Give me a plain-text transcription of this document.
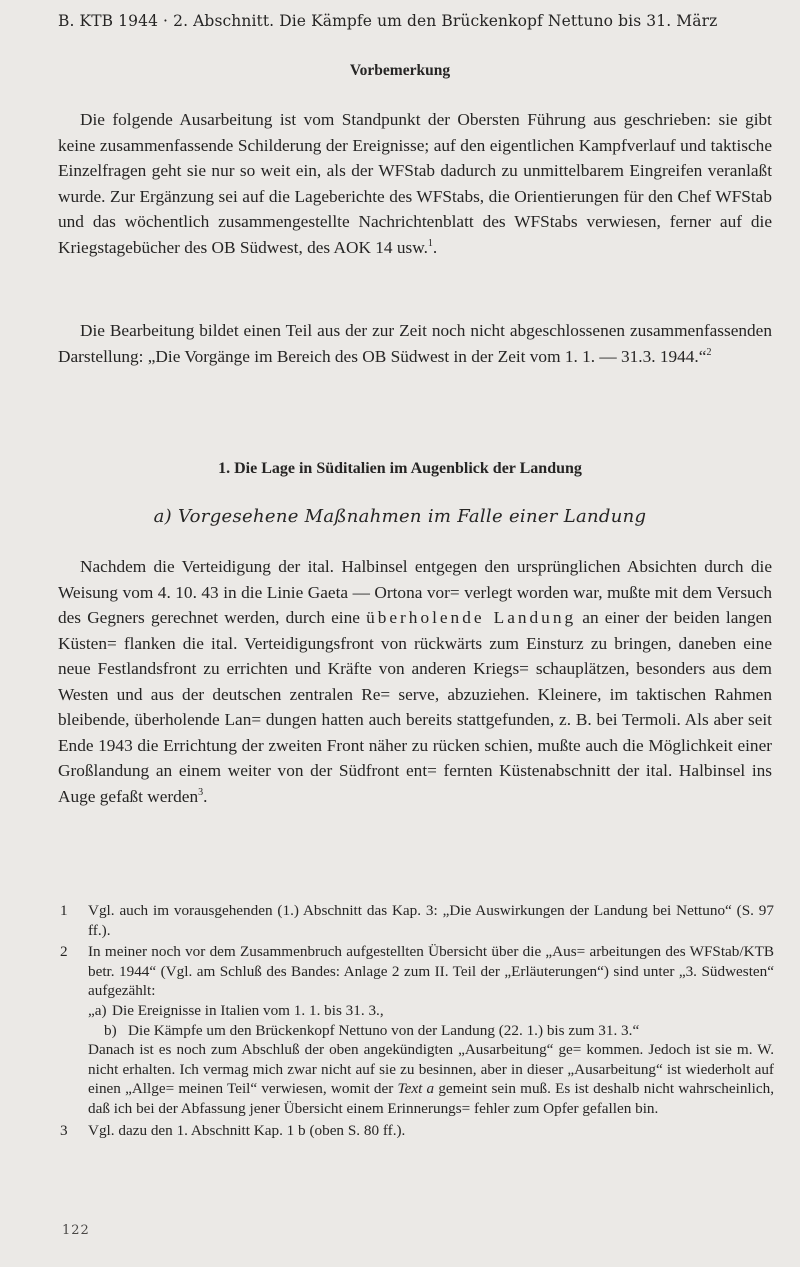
B. KTB 1944 · 2. Abschnitt. Die Kämpfe um den Brückenkopf Nettuno bis 31. März
Vorbemerkung

Die folgende Ausarbeitung ist vom Standpunkt der Obersten Führung aus geschrieben: sie gibt keine zusammenfassende Schilderung der Ereignisse; auf den eigentlichen Kampfverlauf und taktische Einzelfragen geht sie nur so weit ein, als der WFStab dadurch zu unmittelbarem Eingreifen veranlaßt wurde. Zur Ergänzung sei auf die Lageberichte des WFStabs, die Orientierungen für den Chef WFStab und das wöchentlich zusammengestellte Nachrichtenblatt des WFStabs verwiesen, ferner auf die Kriegstagebücher des OB Südwest, des AOK 14 usw.$^1$.

Die Bearbeitung bildet einen Teil aus der zur Zeit noch nicht abgeschlossenen zusammenfassenden Darstellung: „Die Vorgänge im Bereich des OB Südwest in der Zeit vom 1. 1. — 31.3. 1944.“$^2$

1. Die Lage in Süditalien im Augenblick der Landung
a) Vorgesehene Maßnahmen im Falle einer Landung

Nachdem die Verteidigung der ital. Halbinsel entgegen den ursprünglichen Absichten durch die Weisung vom 4. 10. 43 in die Linie Gaeta — Ortona vor= verlegt worden war, mußte mit dem Versuch des Gegners gerechnet werden, durch eine überholende Landung an einer der beiden langen Küsten= flanken die ital. Verteidigungsfront von rückwärts zum Einsturz zu bringen, daneben eine neue Festlandsfront zu errichten und Kräfte von anderen Kriegs= schauplätzen, besonders aus dem Westen und aus der deutschen zentralen Re= serve, abzuziehen. Kleinere, im taktischen Rahmen bleibende, überholende Lan= dungen hatten auch bereits stattgefunden, z. B. bei Termoli. Als aber seit Ende 1943 die Errichtung der zweiten Front näher zu rücken schien, mußte auch die Möglichkeit einer Großlandung an einem weiter von der Südfront ent= fernten Küstenabschnitt der ital. Halbinsel ins Auge gefaßt werden$^3$.

1 Vgl. auch im vorausgehenden (1.) Abschnitt das Kap. 3: „Die Auswirkungen der Landung bei Nettuno“ (S. 97 ff.).
2 In meiner noch vor dem Zusammenbruch aufgestellten Übersicht über die „Aus= arbeitungen des WFStab/KTB betr. 1944“ (Vgl. am Schluß des Bandes: Anlage 2 zum II. Teil der „Erläuterungen“) sind unter „3. Südwesten“ aufgezählt:
„a) Die Ereignisse in Italien vom 1. 1. bis 31. 3.,
b) Die Kämpfe um den Brückenkopf Nettuno von der Landung (22. 1.) bis zum 31. 3.“
Danach ist es noch zum Abschluß der oben angekündigten „Ausarbeitung“ ge= kommen. Jedoch ist sie m. W. nicht erhalten. Ich vermag mich zwar nicht auf sie zu besinnen, aber in dieser „Ausarbeitung“ ist wiederholt auf einen „Allge= meinen Teil“ verwiesen, womit der Text a gemeint sein muß. Es ist deshalb nicht wahrscheinlich, daß ich bei der Abfassung jener Übersicht einem Erinnerungs= fehler zum Opfer gefallen bin.
3 Vgl. dazu den 1. Abschnitt Kap. 1 b (oben S. 80 ff.).
122
